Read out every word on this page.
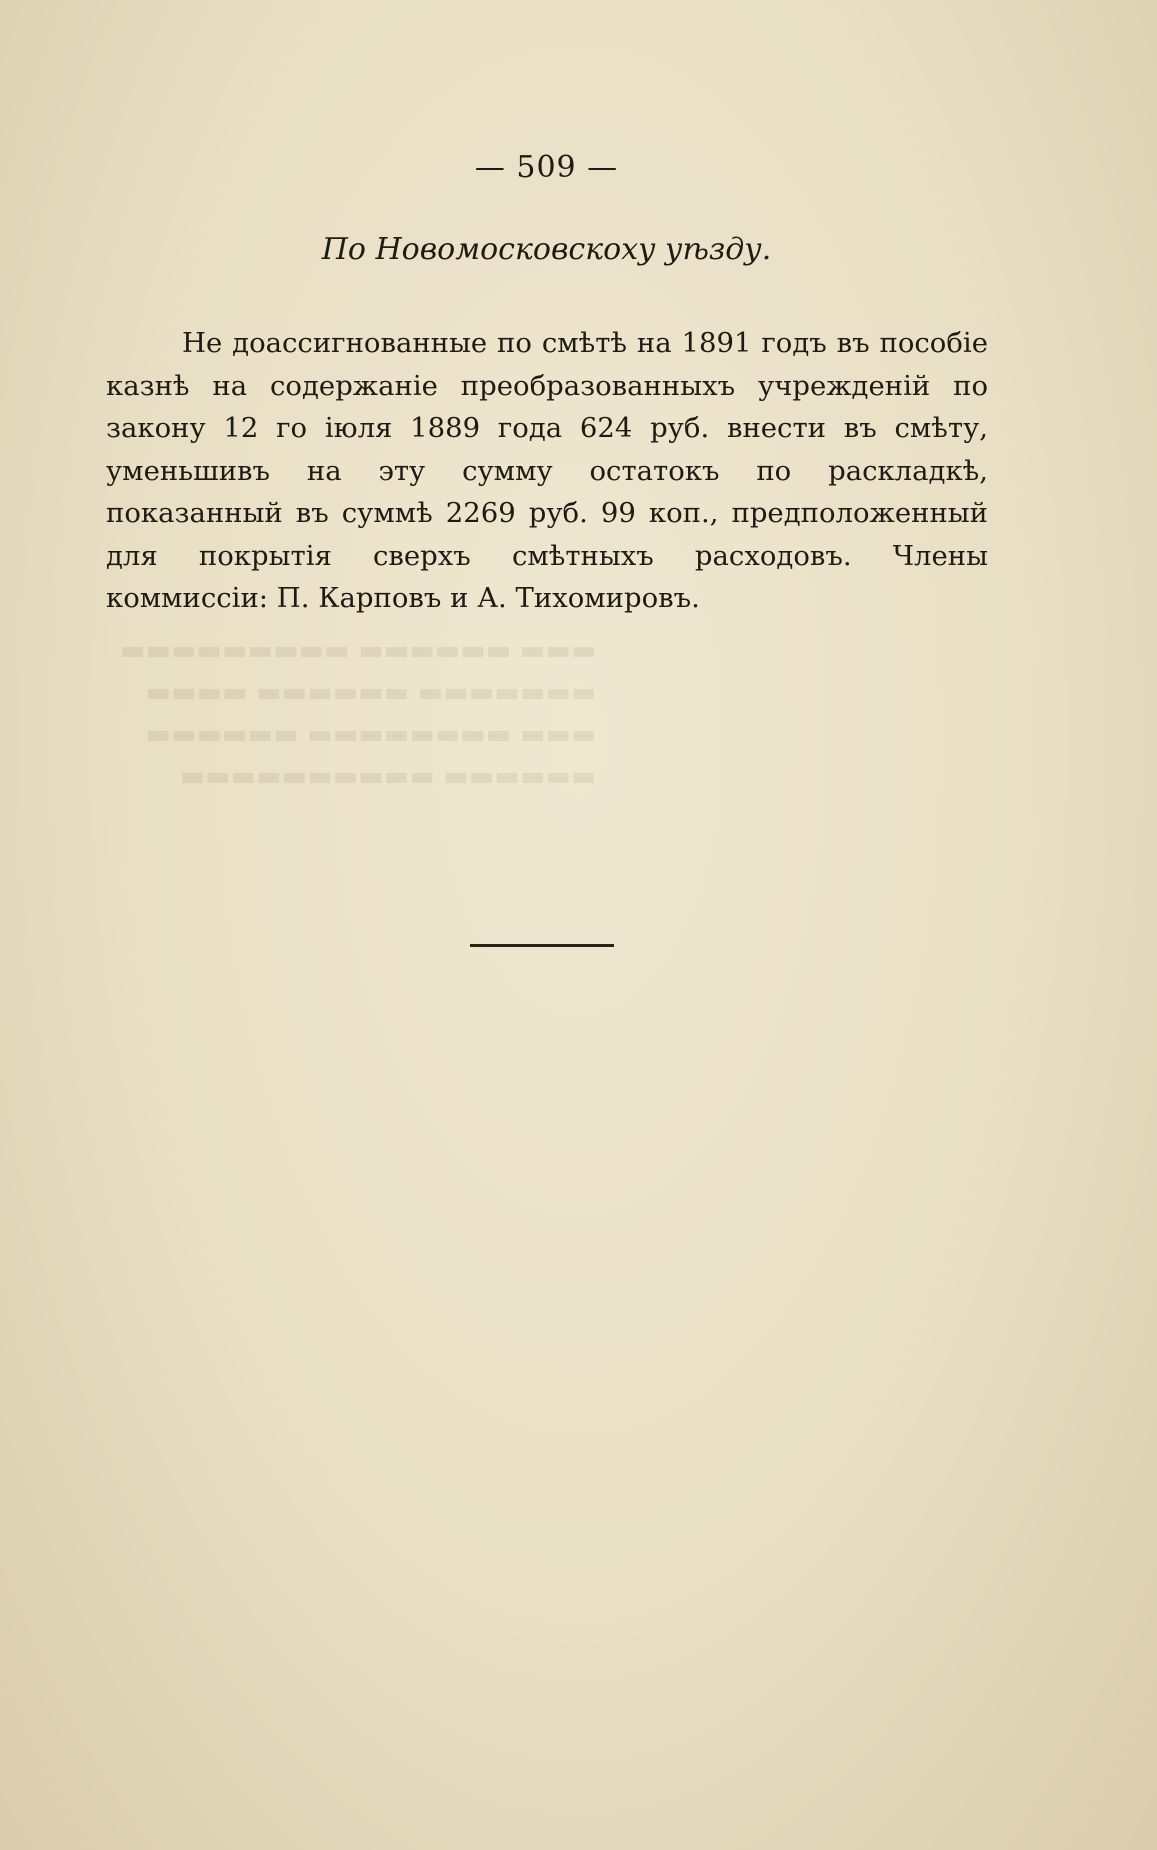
▬▬▬ ▬▬▬▬▬▬ ▬▬▬▬▬▬▬▬▬
▬▬▬▬▬▬▬ ▬▬▬▬▬▬ ▬▬▬▬
▬▬▬ ▬▬▬▬▬▬▬▬ ▬▬▬▬▬▬
▬▬▬▬▬▬ ▬▬▬▬▬▬▬▬▬▬
— 509 —
По Новомосковскоху уѣзду.
Не доассигнованные по смѣтѣ на 1891 годъ въ пособіе казнѣ на содержаніе преобразованныхъ учрежденій по закону 12 го іюля 1889 года 624 руб. внести въ смѣту, уменьшивъ на эту сумму остатокъ по раскладкѣ, показанный въ суммѣ 2269 руб. 99 коп., предположенный для покрытія сверхъ смѣтныхъ расходовъ. Члены коммиссіи: П. Карповъ и А. Тихомировъ.
